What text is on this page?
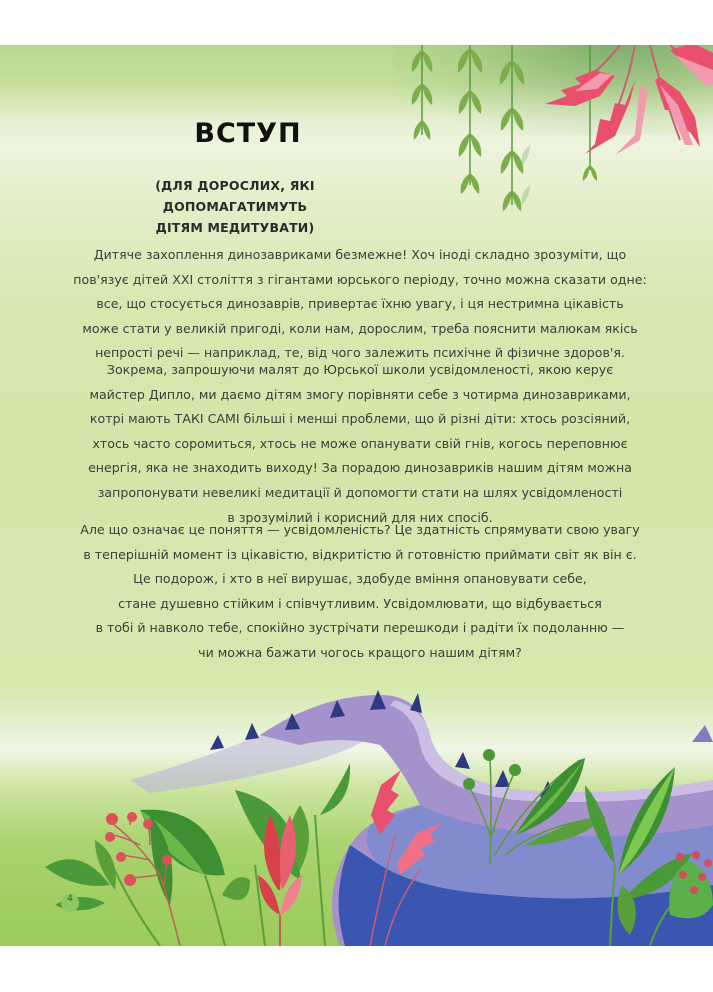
ВСТУП
(ДЛЯ ДОРОСЛИХ, ЯКІ ДОПОМАГАТИМУТЬ
ДІТЯМ МЕДИТУВАТИ)
Дитяче захоплення динозавриками безмежне! Хоч іноді складно зрозуміти, що
пов'язує дітей XXI століття з гігантами юрського періоду, точно можна сказати одне:
все, що стосується динозаврів, привертає їхню увагу, і ця нестримна цікавість
може стати у великій пригоді, коли нам, дорослим, треба пояснити малюкам якісь
непрості речі — наприклад, те, від чого залежить психічне й фізичне здоров'я.
Зокрема, запрошуючи малят до Юрської школи усвідомленості, якою керує
майстер Дипло, ми даємо дітям змогу порівняти себе з чотирма динозавриками,
котрі мають ТАКІ САМІ більші і менші проблеми, що й різні діти: хтось розсіяний,
хтось часто соромиться, хтось не може опанувати свій гнів, когось переповнює
енергія, яка не знаходить виходу! За порадою динозавриків нашим дітям можна
запропонувати невеликі медитації й допомогти стати на шлях усвідомленості
в зрозумілий і корисний для них спосіб.
Але що означає це поняття — усвідомленість? Це здатність спрямувати свою увагу
в теперішній момент із цікавістю, відкритістю й готовністю приймати світ як він є.
Це подорож, і хто в неї вирушає, здобуде вміння опановувати себе,
стане душевно стійким і співчутливим. Усвідомлювати, що відбувається
в тобі й навколо тебе, спокійно зустрічати перешкоди і радіти їх подоланню —
чи можна бажати чогось кращого нашим дітям?
4
